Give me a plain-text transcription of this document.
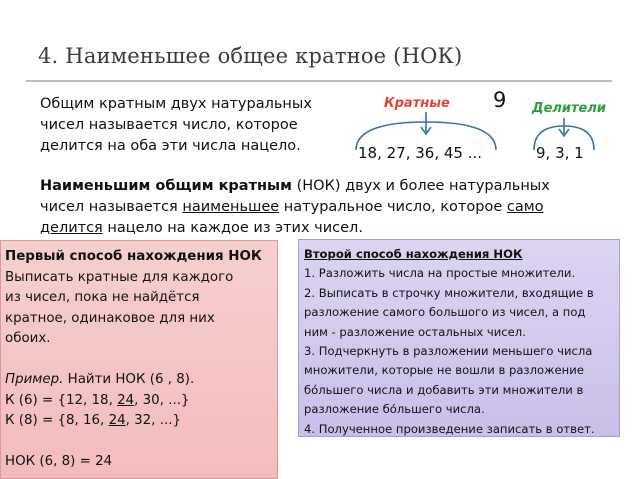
4. Наименьшее общее кратное (НОК)
Общим кратным двух натуральных
чисел называется число, которое
делится на оба эти числа нацело.
Кратные 9 Делители
18, 27, 36, 45 ...	9, 3, 1
Наименьшим общим кратным (НОК) двух и более натуральных
чисел называется наименьшее натуральное число, которое само
делится нацело на каждое из этих чисел.
Первый способ нахождения НОК
Выписать кратные для каждого
из чисел, пока не найдётся
кратное, одинаковое для них
обоих.
Пример. Найти НОК (6 , 8).
К (6) = {12, 18, 24, 30, ...}
К (8) = {8, 16, 24, 32, ...}
НОК (6, 8) = 24
Второй способ нахождения НОК
1. Разложить числа на простые множители.
2. Выписать в строчку множители, входящие в
разложение самого большого из чисел, а под
ним - разложение остальных чисел.
3. Подчеркнуть в разложении меньшего числа
множители, которые не вошли в разложение
бо́льшего числа и добавить эти множители в
разложение бо́льшего числа.
4. Полученное произведение записать в ответ.
